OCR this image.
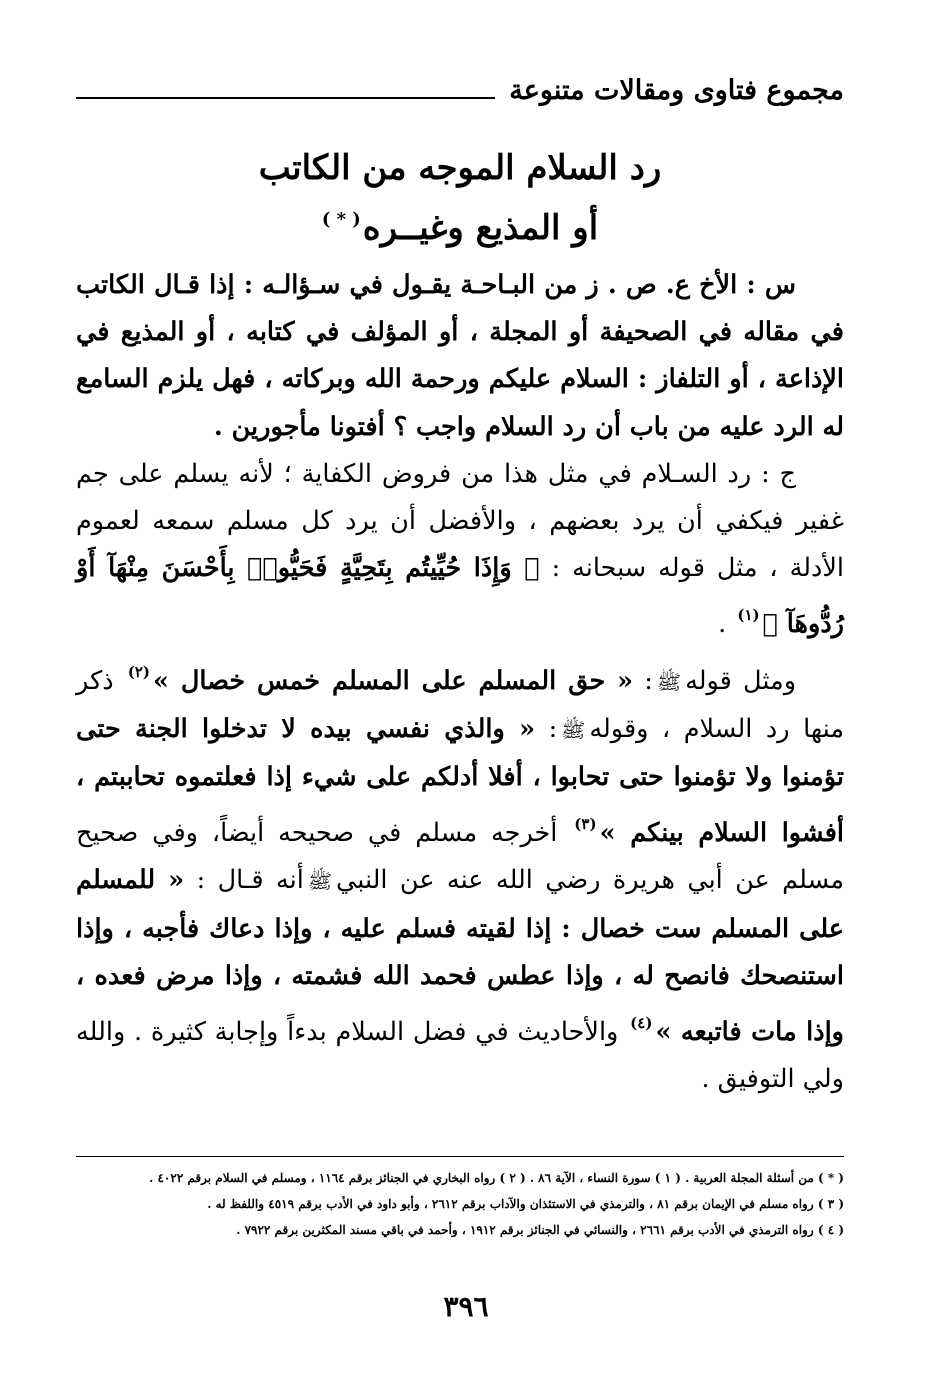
مجموع فتاوى ومقالات متنوعة
رد السلام الموجه من الكاتب
أو المذيع وغيــره( * )

س : الأخ ع. ص . ز من البـاحـة يقـول في سـؤالـه : إذا قـال الكاتب في مقاله في الصحيفة أو المجلة ، أو المؤلف في كتابه ، أو المذيع في الإذاعة ، أو التلفاز : السلام عليكم ورحمة الله وبركاته ، فهل يلزم السامع له الرد عليه من باب أن رد السلام واجب ؟ أفتونا مأجورين .

ج : رد السـلام في مثل هذا من فروض الكفاية ؛ لأنه يسلم على جم غفير فيكفي أن يرد بعضهم ، والأفضل أن يرد كل مسلم سمعه لعموم الأدلة ، مثل قوله سبحانه : ﴿ وَإِذَا حُيِّيتُم بِتَحِيَّةٍ فَحَيُّوا۟ بِأَحْسَنَ مِنْهَآ أَوْ رُدُّوهَآ ﴾$^{(١)}$ .

ومثل قولهﷺ: « حق المسلم على المسلم خمس خصال »$^{(٢)}$ ذكر منها رد السلام ، وقولهﷺ: « والذي نفسي بيده لا تدخلوا الجنة حتى تؤمنوا ولا تؤمنوا حتى تحابوا ، أفلا أدلكم على شيء إذا فعلتموه تحاببتم ، أفشوا السلام بينكم »$^{(٣)}$ أخرجه مسلم في صحيحه أيضاً، وفي صحيح مسلم عن أبي هريرة رضي الله عنه عن النبيﷺأنه قـال : « للمسلم على المسلم ست خصال : إذا لقيته فسلم عليه ، وإذا دعاك فأجبه ، وإذا استنصحك فانصح له ، وإذا عطس فحمد الله فشمته ، وإذا مرض فعده ، وإذا مات فاتبعه »$^{(٤)}$ والأحاديث في فضل السلام بدءاً وإجابة كثيرة . والله ولي التوفيق .

( * ) من أسئلة المجلة العربية . ( ١ ) سورة النساء ، الآية ٨٦ . ( ٢ ) رواه البخاري في الجنائز برقم ١١٦٤ ، ومسلم في السلام برقم ٤٠٢٢ .
( ٣ ) رواه مسلم في الإيمان برقم ٨١ ، والترمذي في الاستئذان والآداب برقم ٢٦١٢ ، وأبو داود في الأدب برقم ٤٥١٩ واللفظ له .
( ٤ ) رواه الترمذي في الأدب برقم ٢٦٦١ ، والنسائي في الجنائز برقم ١٩١٢ ، وأحمد في باقي مسند المكثرين برقم ٧٩٢٢ .
٣٩٦
